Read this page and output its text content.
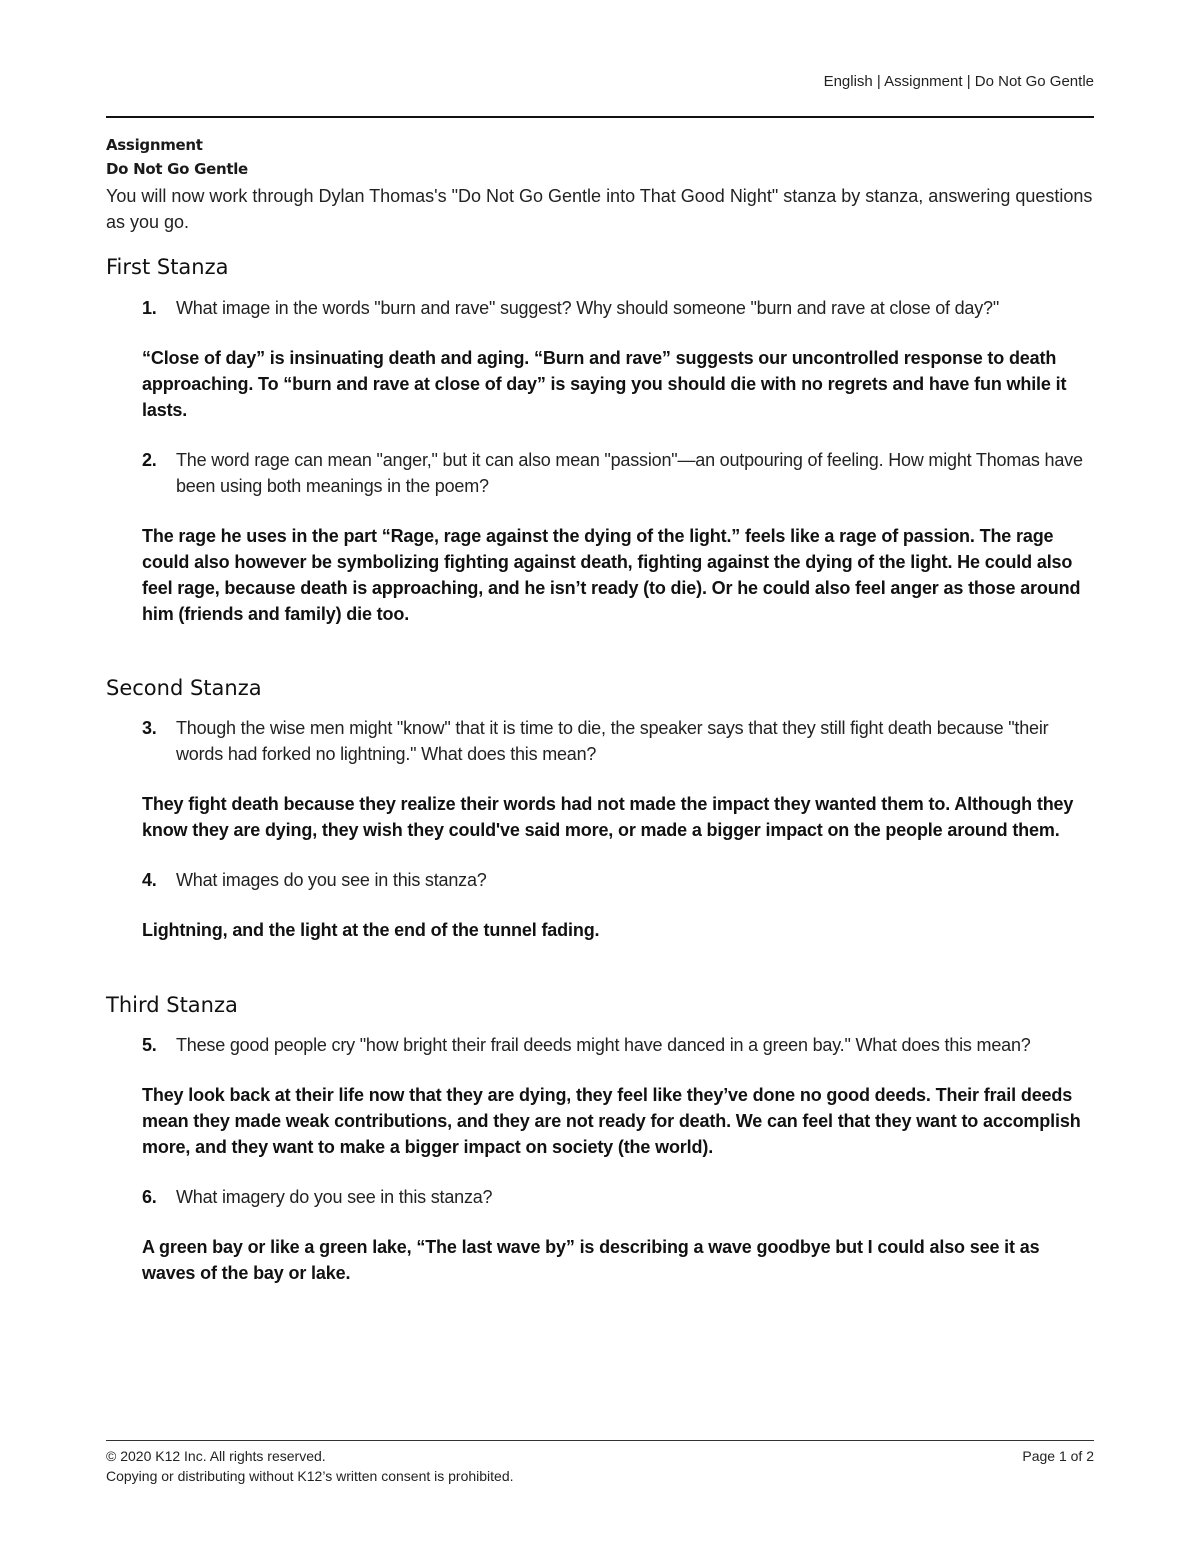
English | Assignment | Do Not Go Gentle
Assignment
Do Not Go Gentle
You will now work through Dylan Thomas's "Do Not Go Gentle into That Good Night" stanza by stanza, answering questions as you go.
First Stanza
1. What image in the words "burn and rave" suggest? Why should someone "burn and rave at close of day?"
“Close of day” is insinuating death and aging. “Burn and rave” suggests our uncontrolled response to death approaching. To “burn and rave at close of day” is saying you should die with no regrets and have fun while it lasts.
2. The word rage can mean "anger," but it can also mean "passion"—an outpouring of feeling. How might Thomas have been using both meanings in the poem?
The rage he uses in the part “Rage, rage against the dying of the light.” feels like a rage of passion. The rage could also however be symbolizing fighting against death, fighting against the dying of the light. He could also feel rage, because death is approaching, and he isn’t ready (to die). Or he could also feel anger as those around him (friends and family) die too.
Second Stanza
3. Though the wise men might "know" that it is time to die, the speaker says that they still fight death because "their words had forked no lightning." What does this mean?
They fight death because they realize their words had not made the impact they wanted them to. Although they know they are dying, they wish they could've said more, or made a bigger impact on the people around them.
4. What images do you see in this stanza?
Lightning, and the light at the end of the tunnel fading.
Third Stanza
5. These good people cry "how bright their frail deeds might have danced in a green bay." What does this mean?
They look back at their life now that they are dying, they feel like they’ve done no good deeds. Their frail deeds mean they made weak contributions, and they are not ready for death. We can feel that they want to accomplish more, and they want to make a bigger impact on society (the world).
6. What imagery do you see in this stanza?
A green bay or like a green lake, “The last wave by” is describing a wave goodbye but I could also see it as waves of the bay or lake.
© 2020 K12 Inc. All rights reserved.	Page 1 of 2
Copying or distributing without K12’s written consent is prohibited.
